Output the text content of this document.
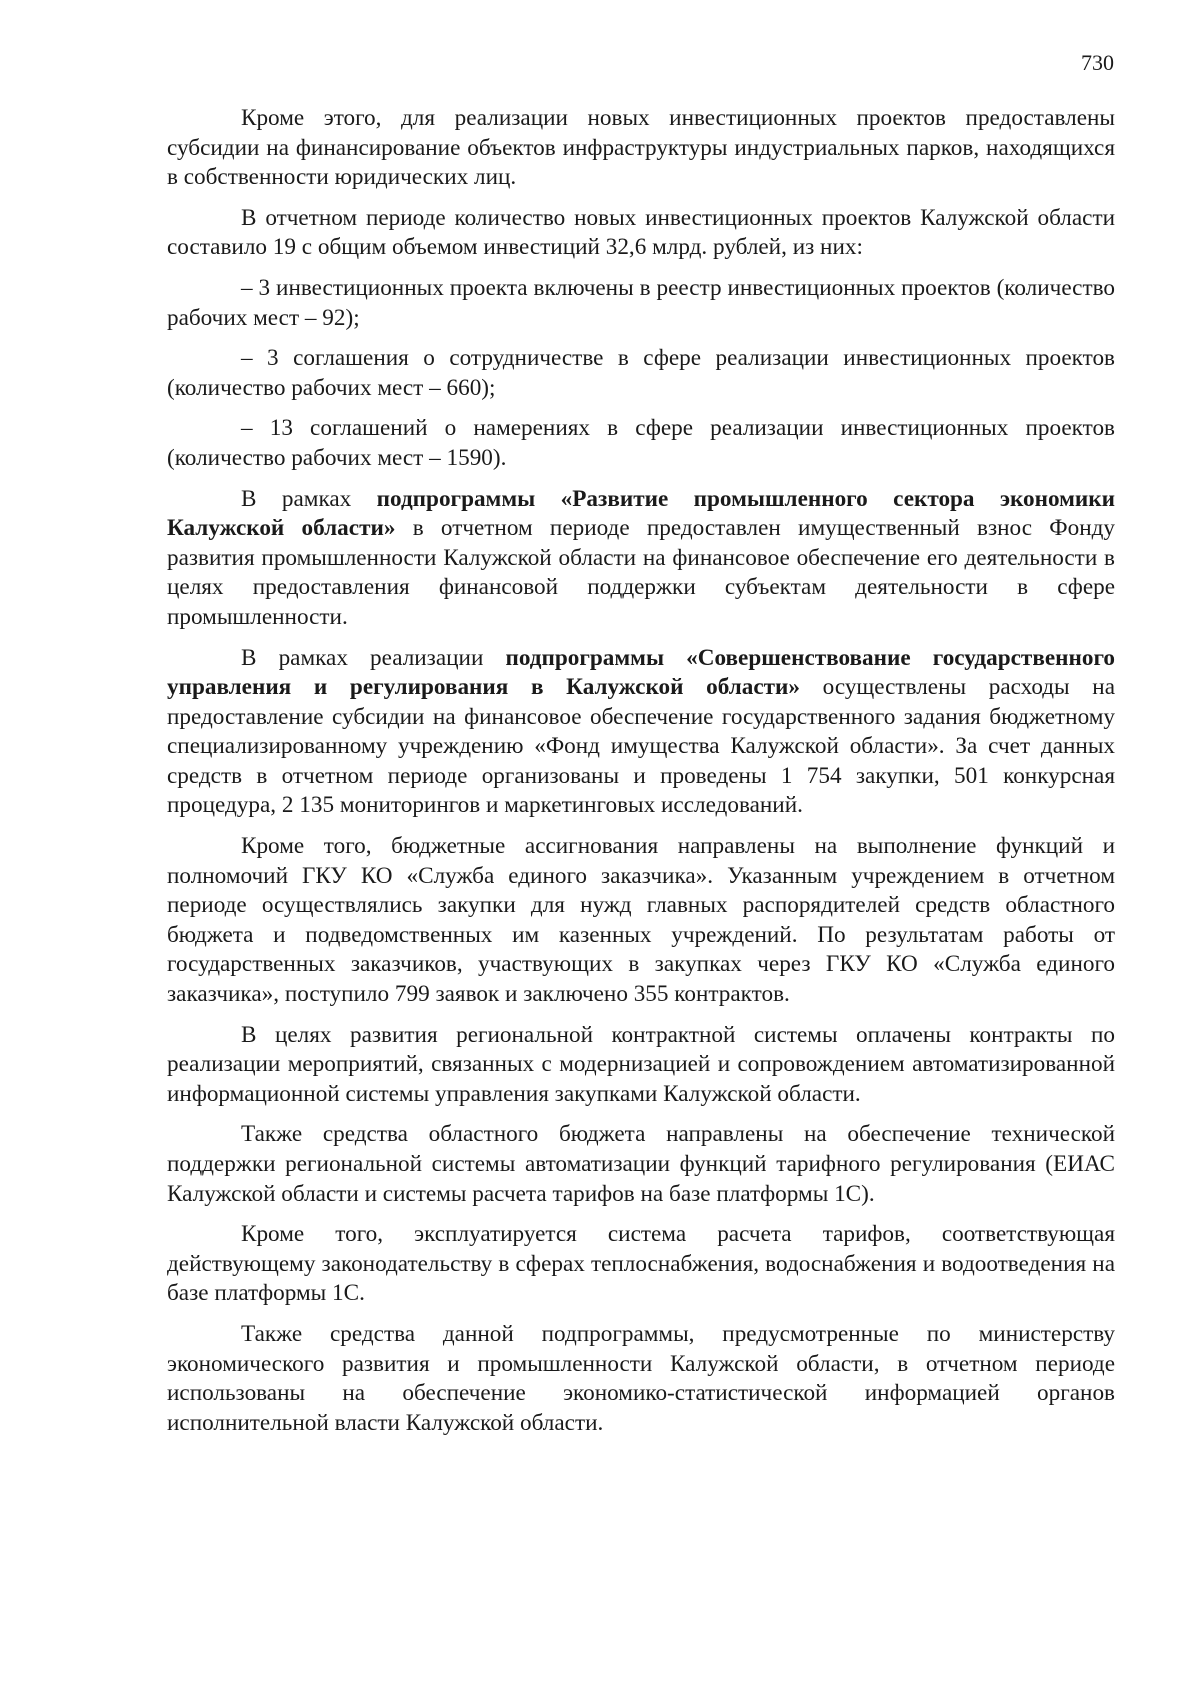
730

Кроме этого, для реализации новых инвестиционных проектов предоставлены субсидии на финансирование объектов инфраструктуры индустриальных парков, находящихся в собственности юридических лиц.

В отчетном периоде количество новых инвестиционных проектов Калужской области составило 19 с общим объемом инвестиций 32,6 млрд. рублей, из них:

– 3 инвестиционных проекта включены в реестр инвестиционных проектов (количество рабочих мест – 92);

– 3 соглашения о сотрудничестве в сфере реализации инвестиционных проектов (количество рабочих мест – 660);

– 13 соглашений о намерениях в сфере реализации инвестиционных проектов (количество рабочих мест – 1590).

В рамках подпрограммы «Развитие промышленного сектора экономики Калужской области» в отчетном периоде предоставлен имущественный взнос Фонду развития промышленности Калужской области на финансовое обеспечение его деятельности в целях предоставления финансовой поддержки субъектам деятельности в сфере промышленности.

В рамках реализации подпрограммы «Совершенствование государственного управления и регулирования в Калужской области» осуществлены расходы на предоставление субсидии на финансовое обеспечение государственного задания бюджетному специализированному учреждению «Фонд имущества Калужской области». За счет данных средств в отчетном периоде организованы и проведены 1 754 закупки, 501 конкурсная процедура, 2 135 мониторингов и маркетинговых исследований.

Кроме того, бюджетные ассигнования направлены на выполнение функций и полномочий ГКУ КО «Служба единого заказчика». Указанным учреждением в отчетном периоде осуществлялись закупки для нужд главных распорядителей средств областного бюджета и подведомственных им казенных учреждений. По результатам работы от государственных заказчиков, участвующих в закупках через ГКУ КО «Служба единого заказчика», поступило 799 заявок и заключено 355 контрактов.

В целях развития региональной контрактной системы оплачены контракты по реализации мероприятий, связанных с модернизацией и сопровождением автоматизированной информационной системы управления закупками Калужской области.

Также средства областного бюджета направлены на обеспечение технической поддержки региональной системы автоматизации функций тарифного регулирования (ЕИАС Калужской области и системы расчета тарифов на базе платформы 1С).

Кроме того, эксплуатируется система расчета тарифов, соответствующая действующему законодательству в сферах теплоснабжения, водоснабжения и водоотведения на базе платформы 1С.

Также средства данной подпрограммы, предусмотренные по министерству экономического развития и промышленности Калужской области, в отчетном периоде использованы на обеспечение экономико-статистической информацией органов исполнительной власти Калужской области.
